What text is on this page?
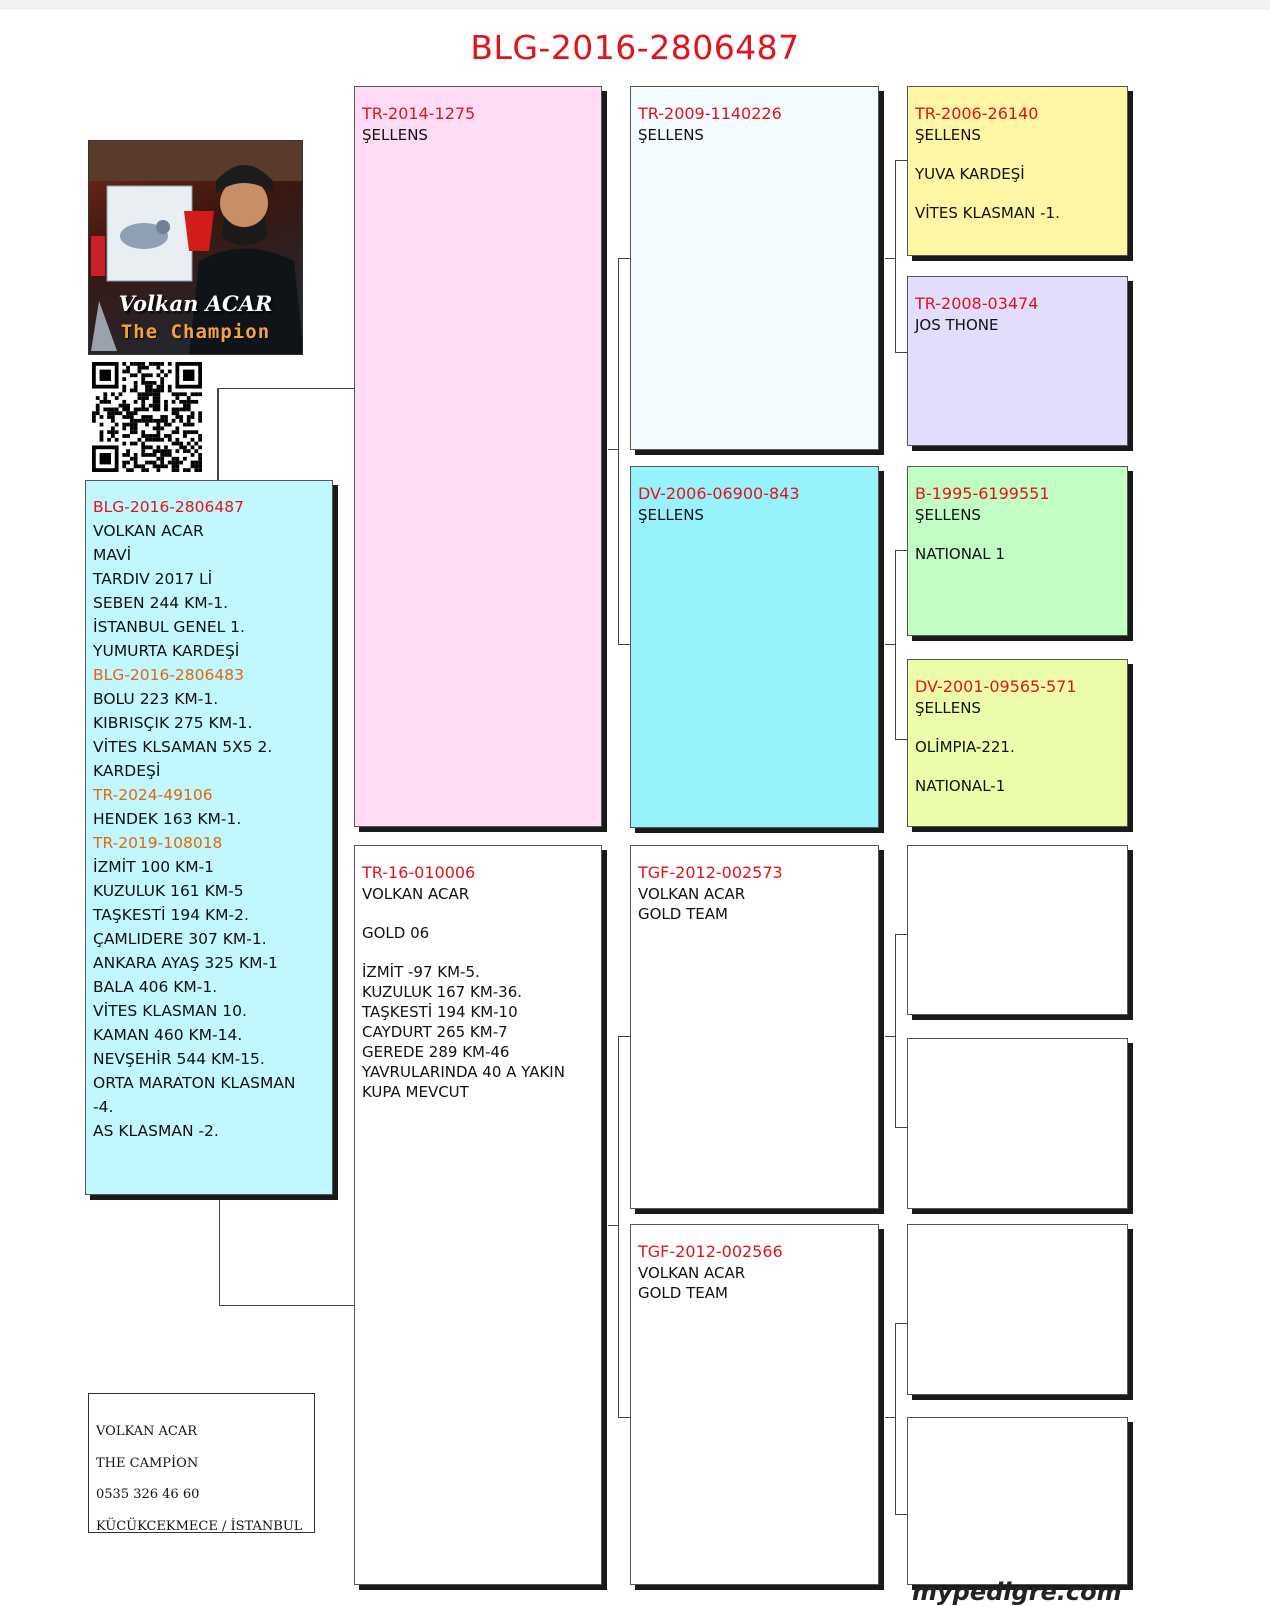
BLG-2016-2806487
Volkan ACAR
The Champion
BLG-2016-2806487
VOLKAN ACAR
MAVİ
TARDIV 2017 Lİ
SEBEN 244 KM-1.
İSTANBUL GENEL 1.
YUMURTA KARDEŞİ
BLG-2016-2806483
BOLU 223 KM-1.
KIBRISÇIK 275 KM-1.
VİTES KLSAMAN 5X5 2.
KARDEŞİ
TR-2024-49106
HENDEK 163 KM-1.
TR-2019-108018
İZMİT 100 KM-1
KUZULUK 161 KM-5
TAŞKESTİ 194 KM-2.
ÇAMLIDERE 307 KM-1.
ANKARA AYAŞ 325 KM-1
BALA 406 KM-1.
VİTES KLASMAN 10.
KAMAN 460 KM-14.
NEVŞEHİR 544 KM-15.
ORTA MARATON KLASMAN
-4.
AS KLASMAN -2.
TR-2014-1275
ŞELLENS
TR-16-010006
VOLKAN ACAR
GOLD 06
İZMİT -97 KM-5.
KUZULUK 167 KM-36.
TAŞKESTİ 194 KM-10
CAYDURT 265 KM-7
GEREDE 289 KM-46
YAVRULARINDA 40 A YAKIN
KUPA MEVCUT
TR-2009-1140226
ŞELLENS
DV-2006-06900-843
ŞELLENS
TGF-2012-002573
VOLKAN ACAR
GOLD TEAM
TGF-2012-002566
VOLKAN ACAR
GOLD TEAM
TR-2006-26140
ŞELLENS
YUVA KARDEŞİ
VİTES KLASMAN -1.
TR-2008-03474
JOS THONE
B-1995-6199551
ŞELLENS
NATIONAL 1
DV-2001-09565-571
ŞELLENS
OLİMPIA-221.
NATIONAL-1
VOLKAN ACAR
THE CAMPİON
0535 326 46 60
KÜCÜKCEKMECE / İSTANBUL
mypedigre.com
